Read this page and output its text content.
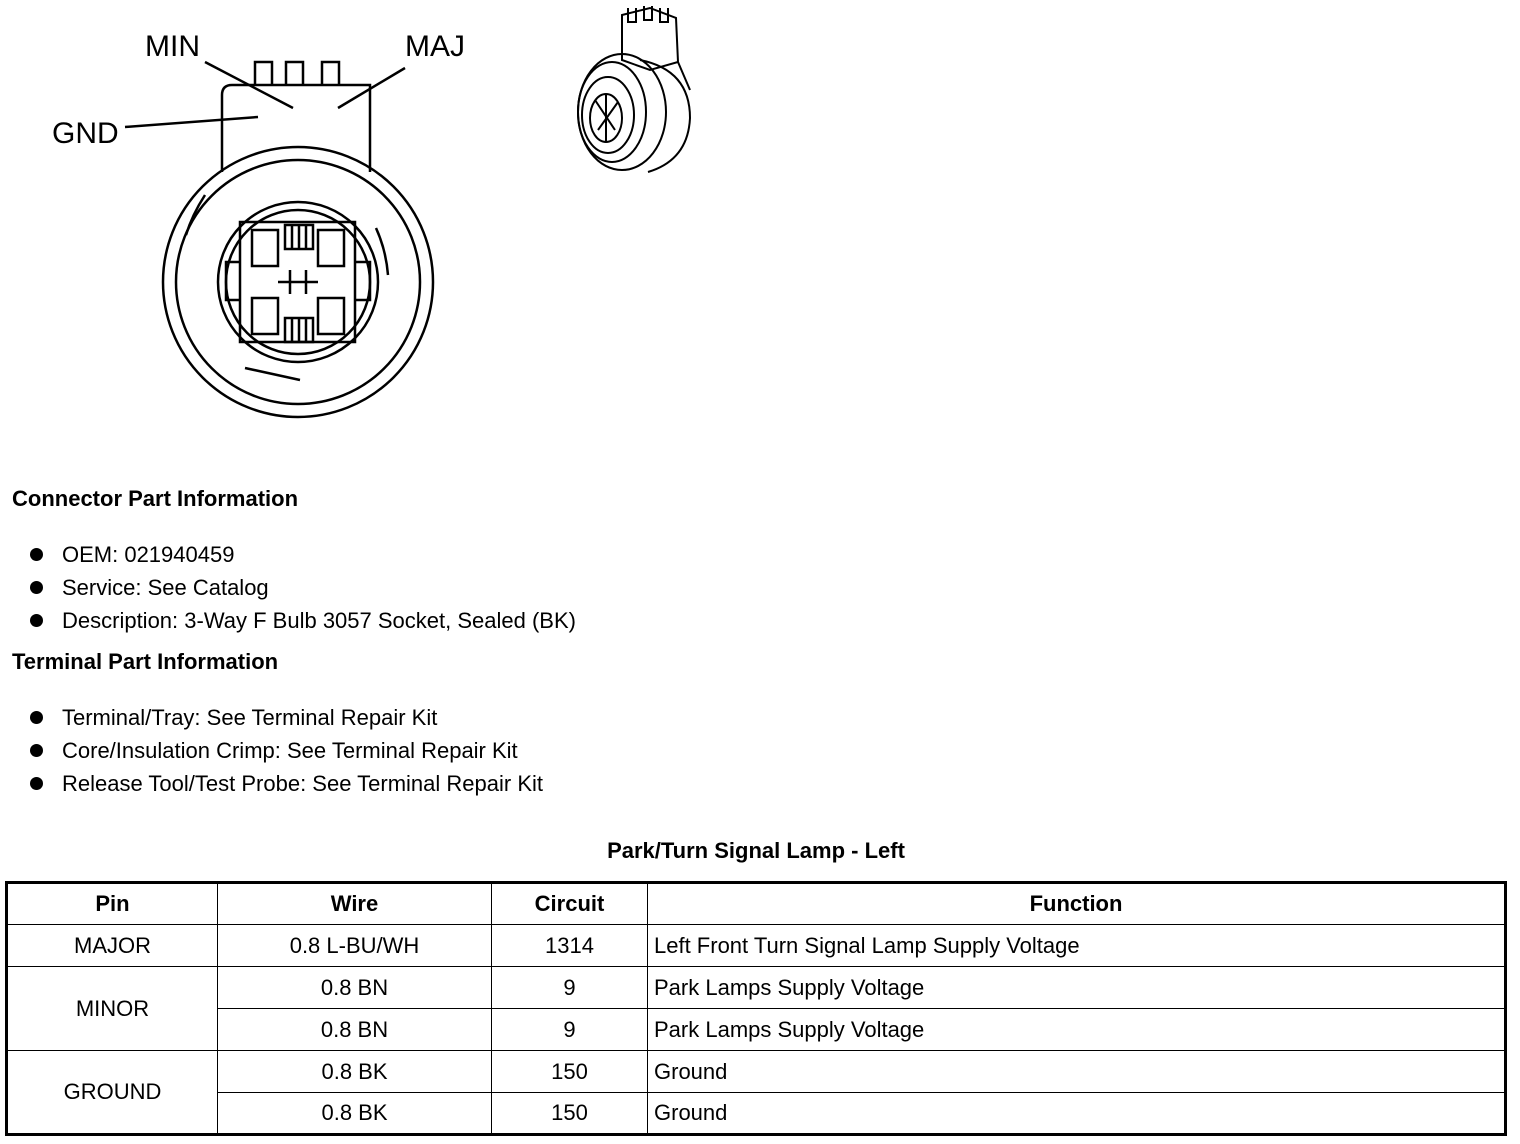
MIN	MAJ
GND

Connector Part Information

OEM: 021940459
Service: See Catalog
Description: 3-Way F Bulb 3057 Socket, Sealed (BK)

Terminal Part Information

Terminal/Tray: See Terminal Repair Kit
Core/Insulation Crimp: See Terminal Repair Kit
Release Tool/Test Probe: See Terminal Repair Kit
Park/Turn Signal Lamp - Left
Pin	Wire	Circuit	Function
MAJOR	0.8 L-BU/WH	1314	Left Front Turn Signal Lamp Supply Voltage
MINOR	0.8 BN	9	Park Lamps Supply Voltage
	0.8 BN	9	Park Lamps Supply Voltage
GROUND	0.8 BK	150	Ground
	0.8 BK	150	Ground
